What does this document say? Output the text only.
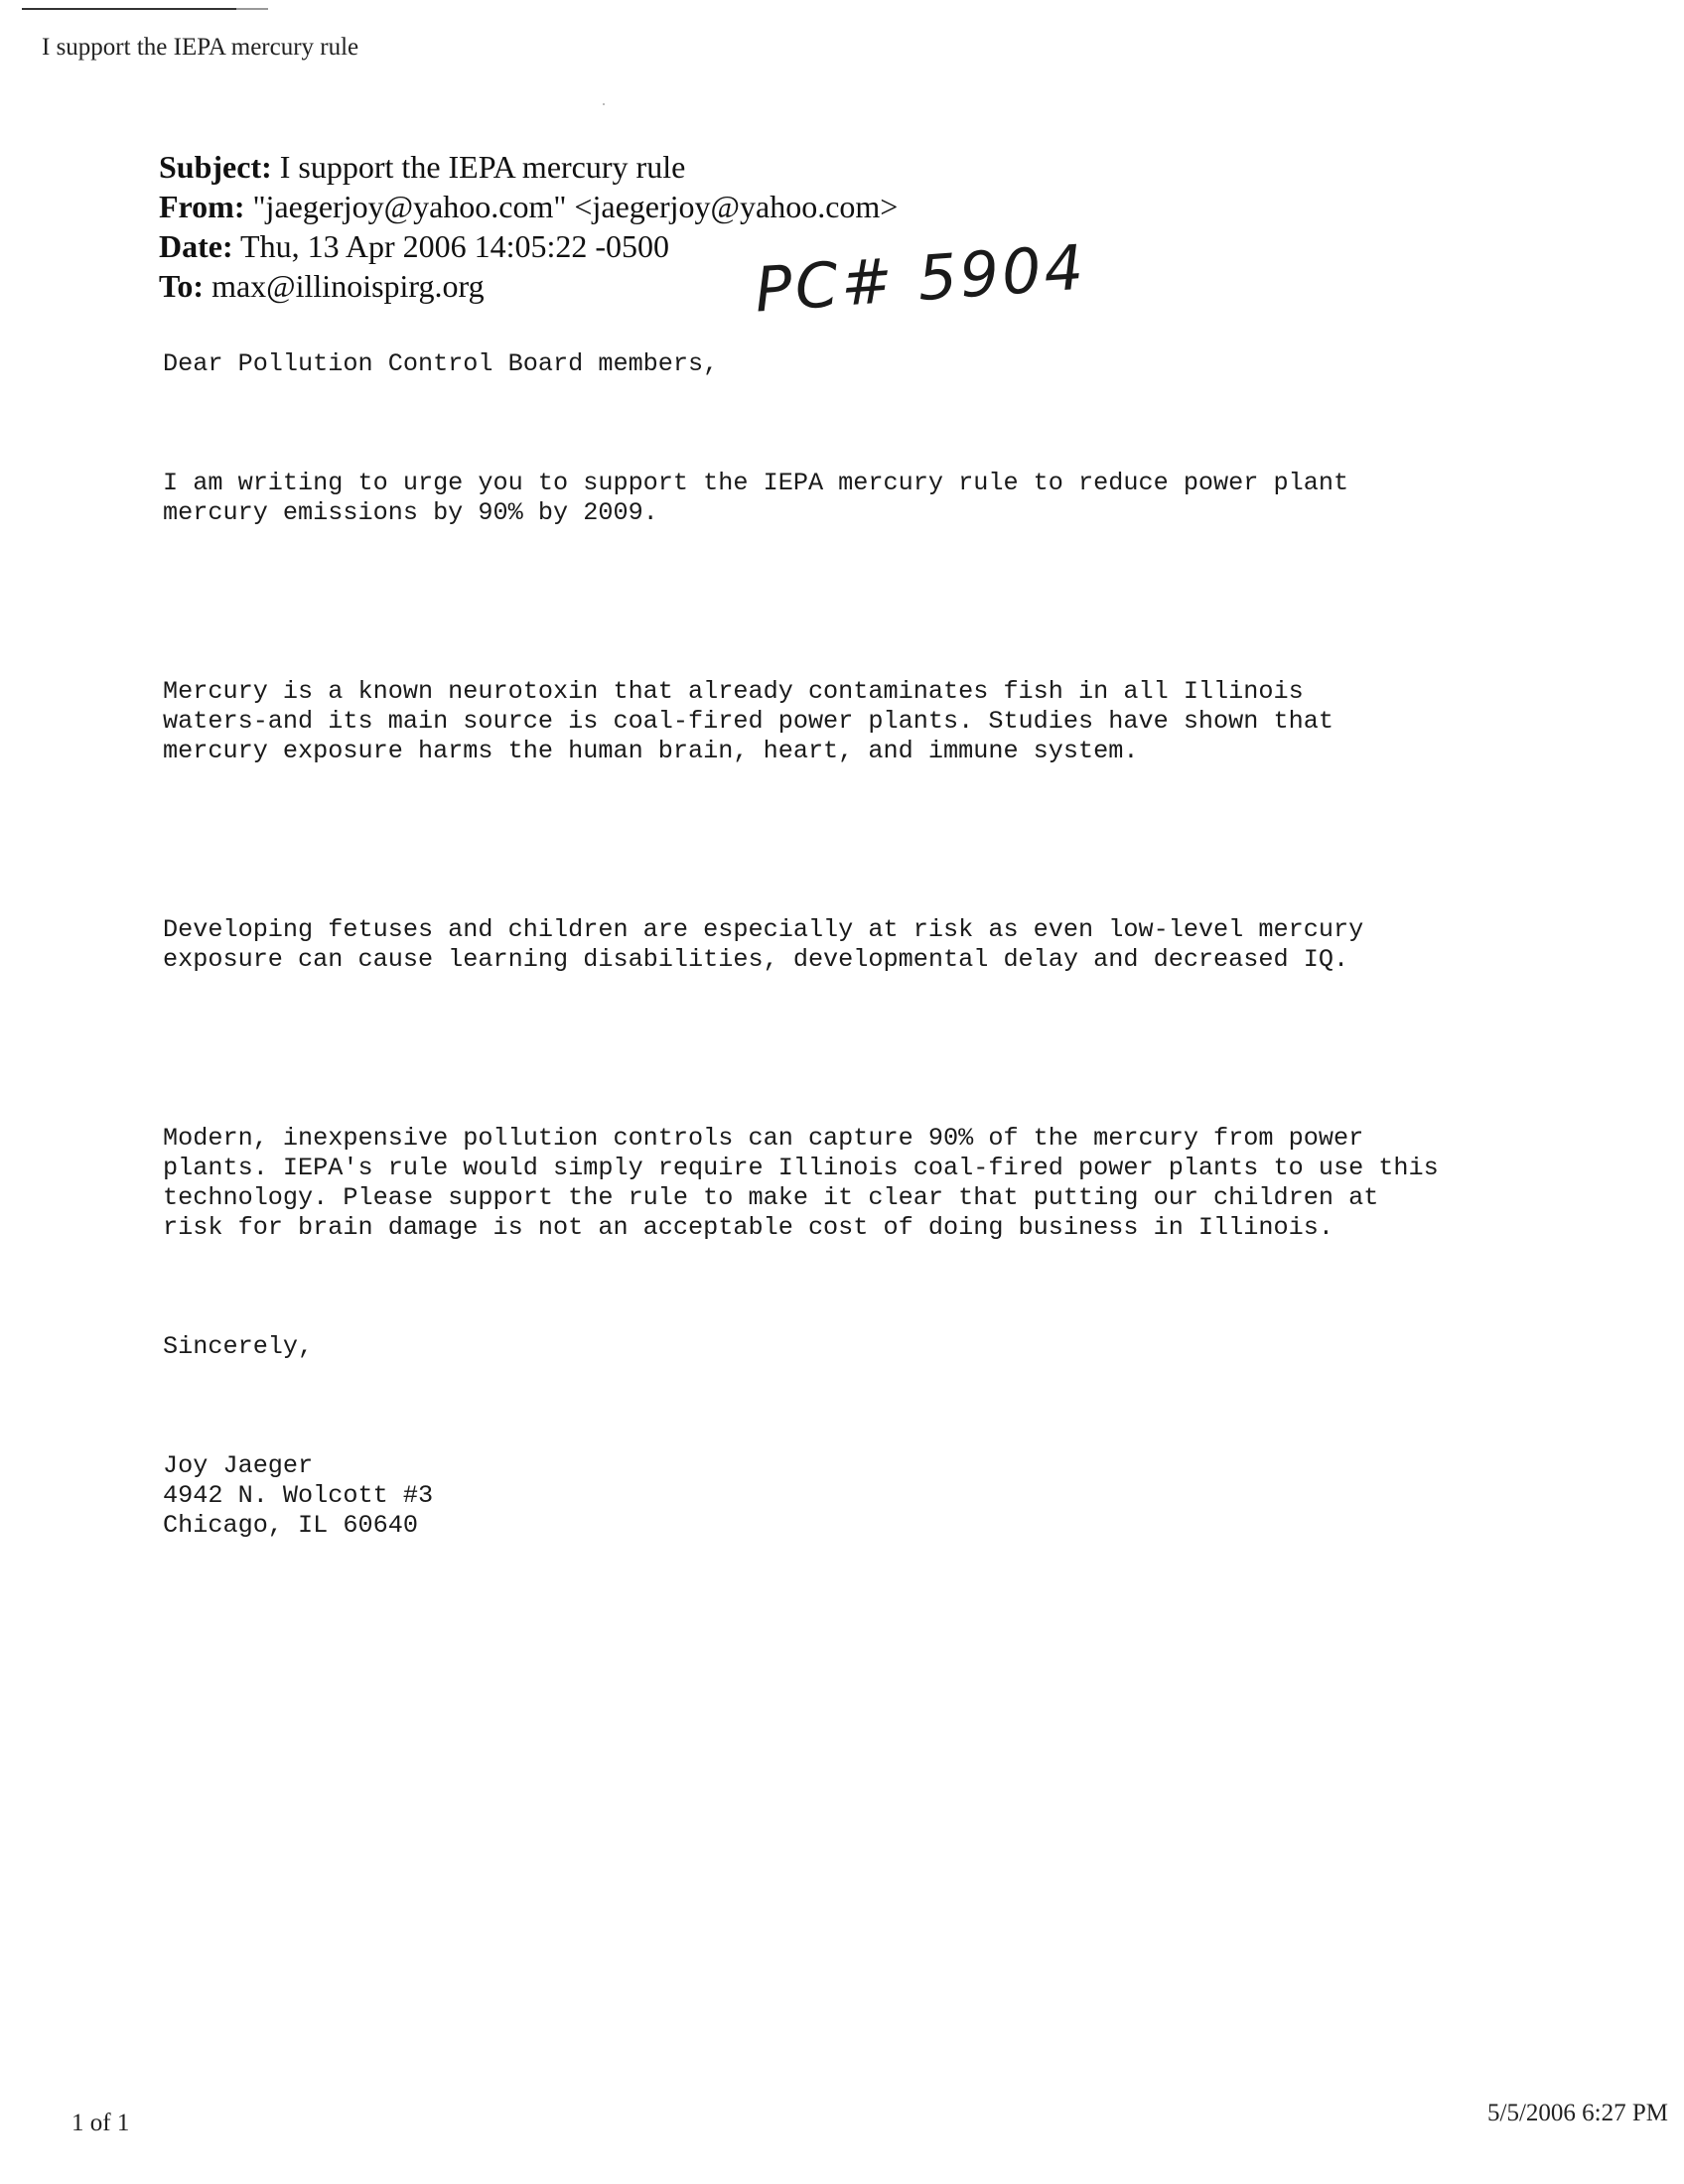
I support the IEPA mercury rule
Subject: I support the IEPA mercury rule
From: "jaegerjoy@yahoo.com" <jaegerjoy@yahoo.com>
Date: Thu, 13 Apr 2006 14:05:22 -0500
To: max@illinoispirg.org	PC# 5904

Dear Pollution Control Board members,

I am writing to urge you to support the IEPA mercury rule to reduce power plant
mercury emissions by 90% by 2009.

Mercury is a known neurotoxin that already contaminates fish in all Illinois
waters-and its main source is coal-fired power plants. Studies have shown that
mercury exposure harms the human brain, heart, and immune system.

Developing fetuses and children are especially at risk as even low-level mercury
exposure can cause learning disabilities, developmental delay and decreased IQ.

Modern, inexpensive pollution controls can capture 90% of the mercury from power
plants. IEPA's rule would simply require Illinois coal-fired power plants to use this
technology. Please support the rule to make it clear that putting our children at
risk for brain damage is not an acceptable cost of doing business in Illinois.

Sincerely,

Joy Jaeger
4942 N. Wolcott #3
Chicago, IL 60640

1 of 1	5/5/2006 6:27 PM
